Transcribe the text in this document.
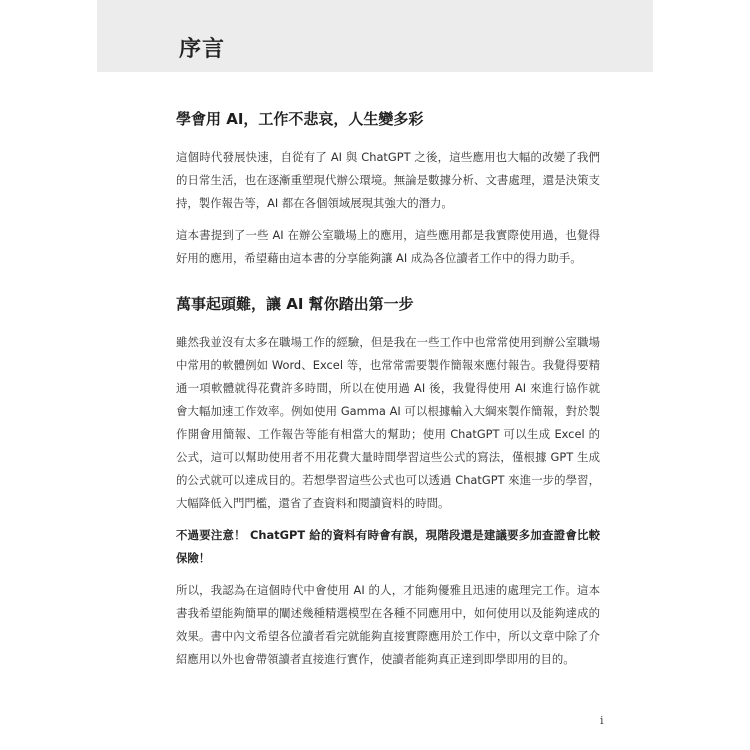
序言
學會用 AI，工作不悲哀，人生變多彩

這個時代發展快速，自從有了 AI 與 ChatGPT 之後，這些應用也大幅的改變了我們的日常生活，也在逐漸重塑現代辦公環境。無論是數據分析、文書處理，還是決策支持，製作報告等，AI 都在各個領域展現其強大的潛力。

這本書提到了一些 AI 在辦公室職場上的應用，這些應用都是我實際使用過，也覺得好用的應用，希望藉由這本書的分享能夠讓 AI 成為各位讀者工作中的得力助手。

萬事起頭難，讓 AI 幫你踏出第一步

雖然我並沒有太多在職場工作的經驗，但是我在一些工作中也常常使用到辦公室職場中常用的軟體例如 Word、Excel 等，也常常需要製作簡報來應付報告。我覺得要精通一項軟體就得花費許多時間，所以在使用過 AI 後，我覺得使用 AI 來進行協作就會大幅加速工作效率。例如使用 Gamma AI 可以根據輸入大綱來製作簡報，對於製作開會用簡報、工作報告等能有相當大的幫助；使用 ChatGPT 可以生成 Excel 的公式，這可以幫助使用者不用花費大量時間學習這些公式的寫法，僅根據 GPT 生成的公式就可以達成目的。若想學習這些公式也可以透過 ChatGPT 來進一步的學習，大幅降低入門門檻，還省了查資料和閱讀資料的時間。

不過要注意！ ChatGPT 給的資料有時會有誤，現階段還是建議要多加查證會比較保險！

所以，我認為在這個時代中會使用 AI 的人，才能夠優雅且迅速的處理完工作。這本書我希望能夠簡單的闡述幾種精選模型在各種不同應用中，如何使用以及能夠達成的效果。書中內文希望各位讀者看完就能夠直接實際應用於工作中，所以文章中除了介紹應用以外也會帶領讀者直接進行實作，使讀者能夠真正達到即學即用的目的。

i
